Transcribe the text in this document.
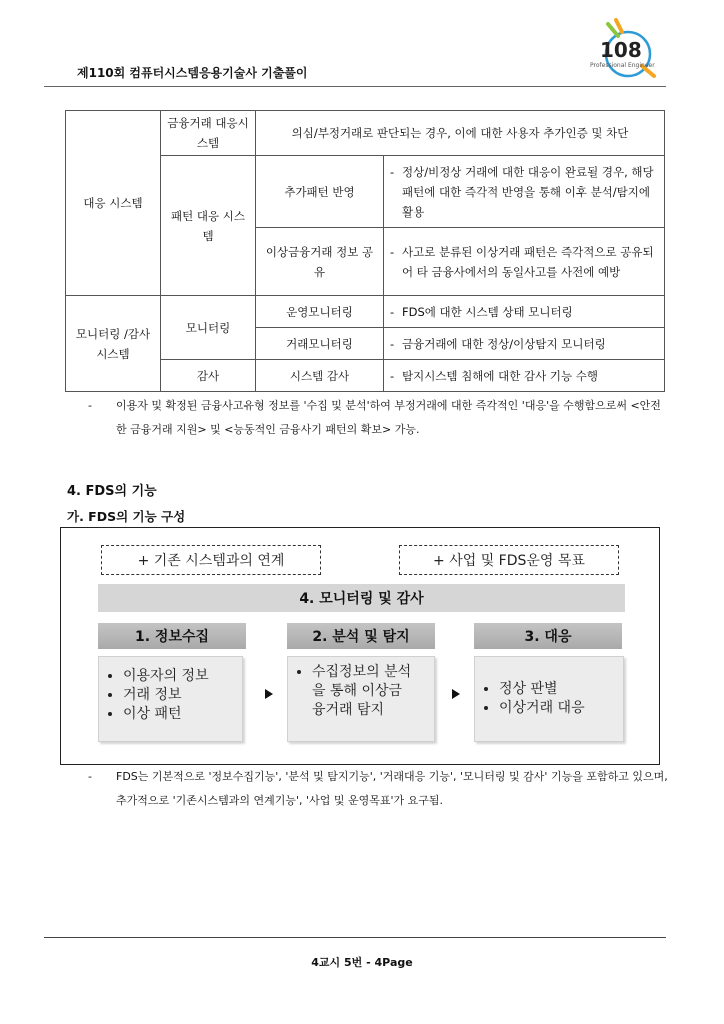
제110회 컴퓨터시스템응용기술사 기출풀이
108
Professional Engineer
대응 시스템	금융거래 대응시스템	의심/부정거래로 판단되는 경우, 이에 대한 사용자 추가인증 및 차단	
	패턴 대응 시스템	추가패턴 반영	- 정상/비정상 거래에 대한 대응이 완료될 경우, 해당 패턴에 대한 즉각적 반영을 통해 이후 분석/탐지에 활용

		이상금융거래 정보 공유	- 사고로 분류된 이상거래 패턴은 즉각적으로 공유되어 타 금융사에서의 동일사고를 사전에 예방

모니터링 /감사 시스템	모니터링	운영모니터링	- FDS에 대한 시스템 상태 모니터링

		거래모니터링	- 금융거래에 대한 정상/이상탐지 모니터링

	감사	시스템 감사	- 탐지시스템 침해에 대한 감사 기능 수행
- 이용자 및 확정된 금융사고유형 정보를 '수집 및 분석'하여 부정거래에 대한 즉각적인 '대응'을 수행함으로써 <안전한 금융거래 지원> 및 <능동적인 금융사기 패턴의 확보> 가능.
4. FDS의 기능
가. FDS의 기능 구성
+ 기존 시스템과의 연계	+ 사업 및 FDS운영 목표
4. 모니터링 및 감사
1. 정보수집
• 이용자의 정보
• 거래 정보
• 이상 패턴
2. 분석 및 탐지
• 수집정보의 분석을 통해 이상금융거래 탐지
3. 대응
• 정상 판별
• 이상거래 대응
- FDS는 기본적으로 '정보수집기능', '분석 및 탐지기능', '거래대응 기능', '모니터링 및 감사' 기능을 포함하고 있으며, 추가적으로 '기존시스템과의 연계기능', '사업 및 운영목표'가 요구됨.
4교시 5번 - 4Page
